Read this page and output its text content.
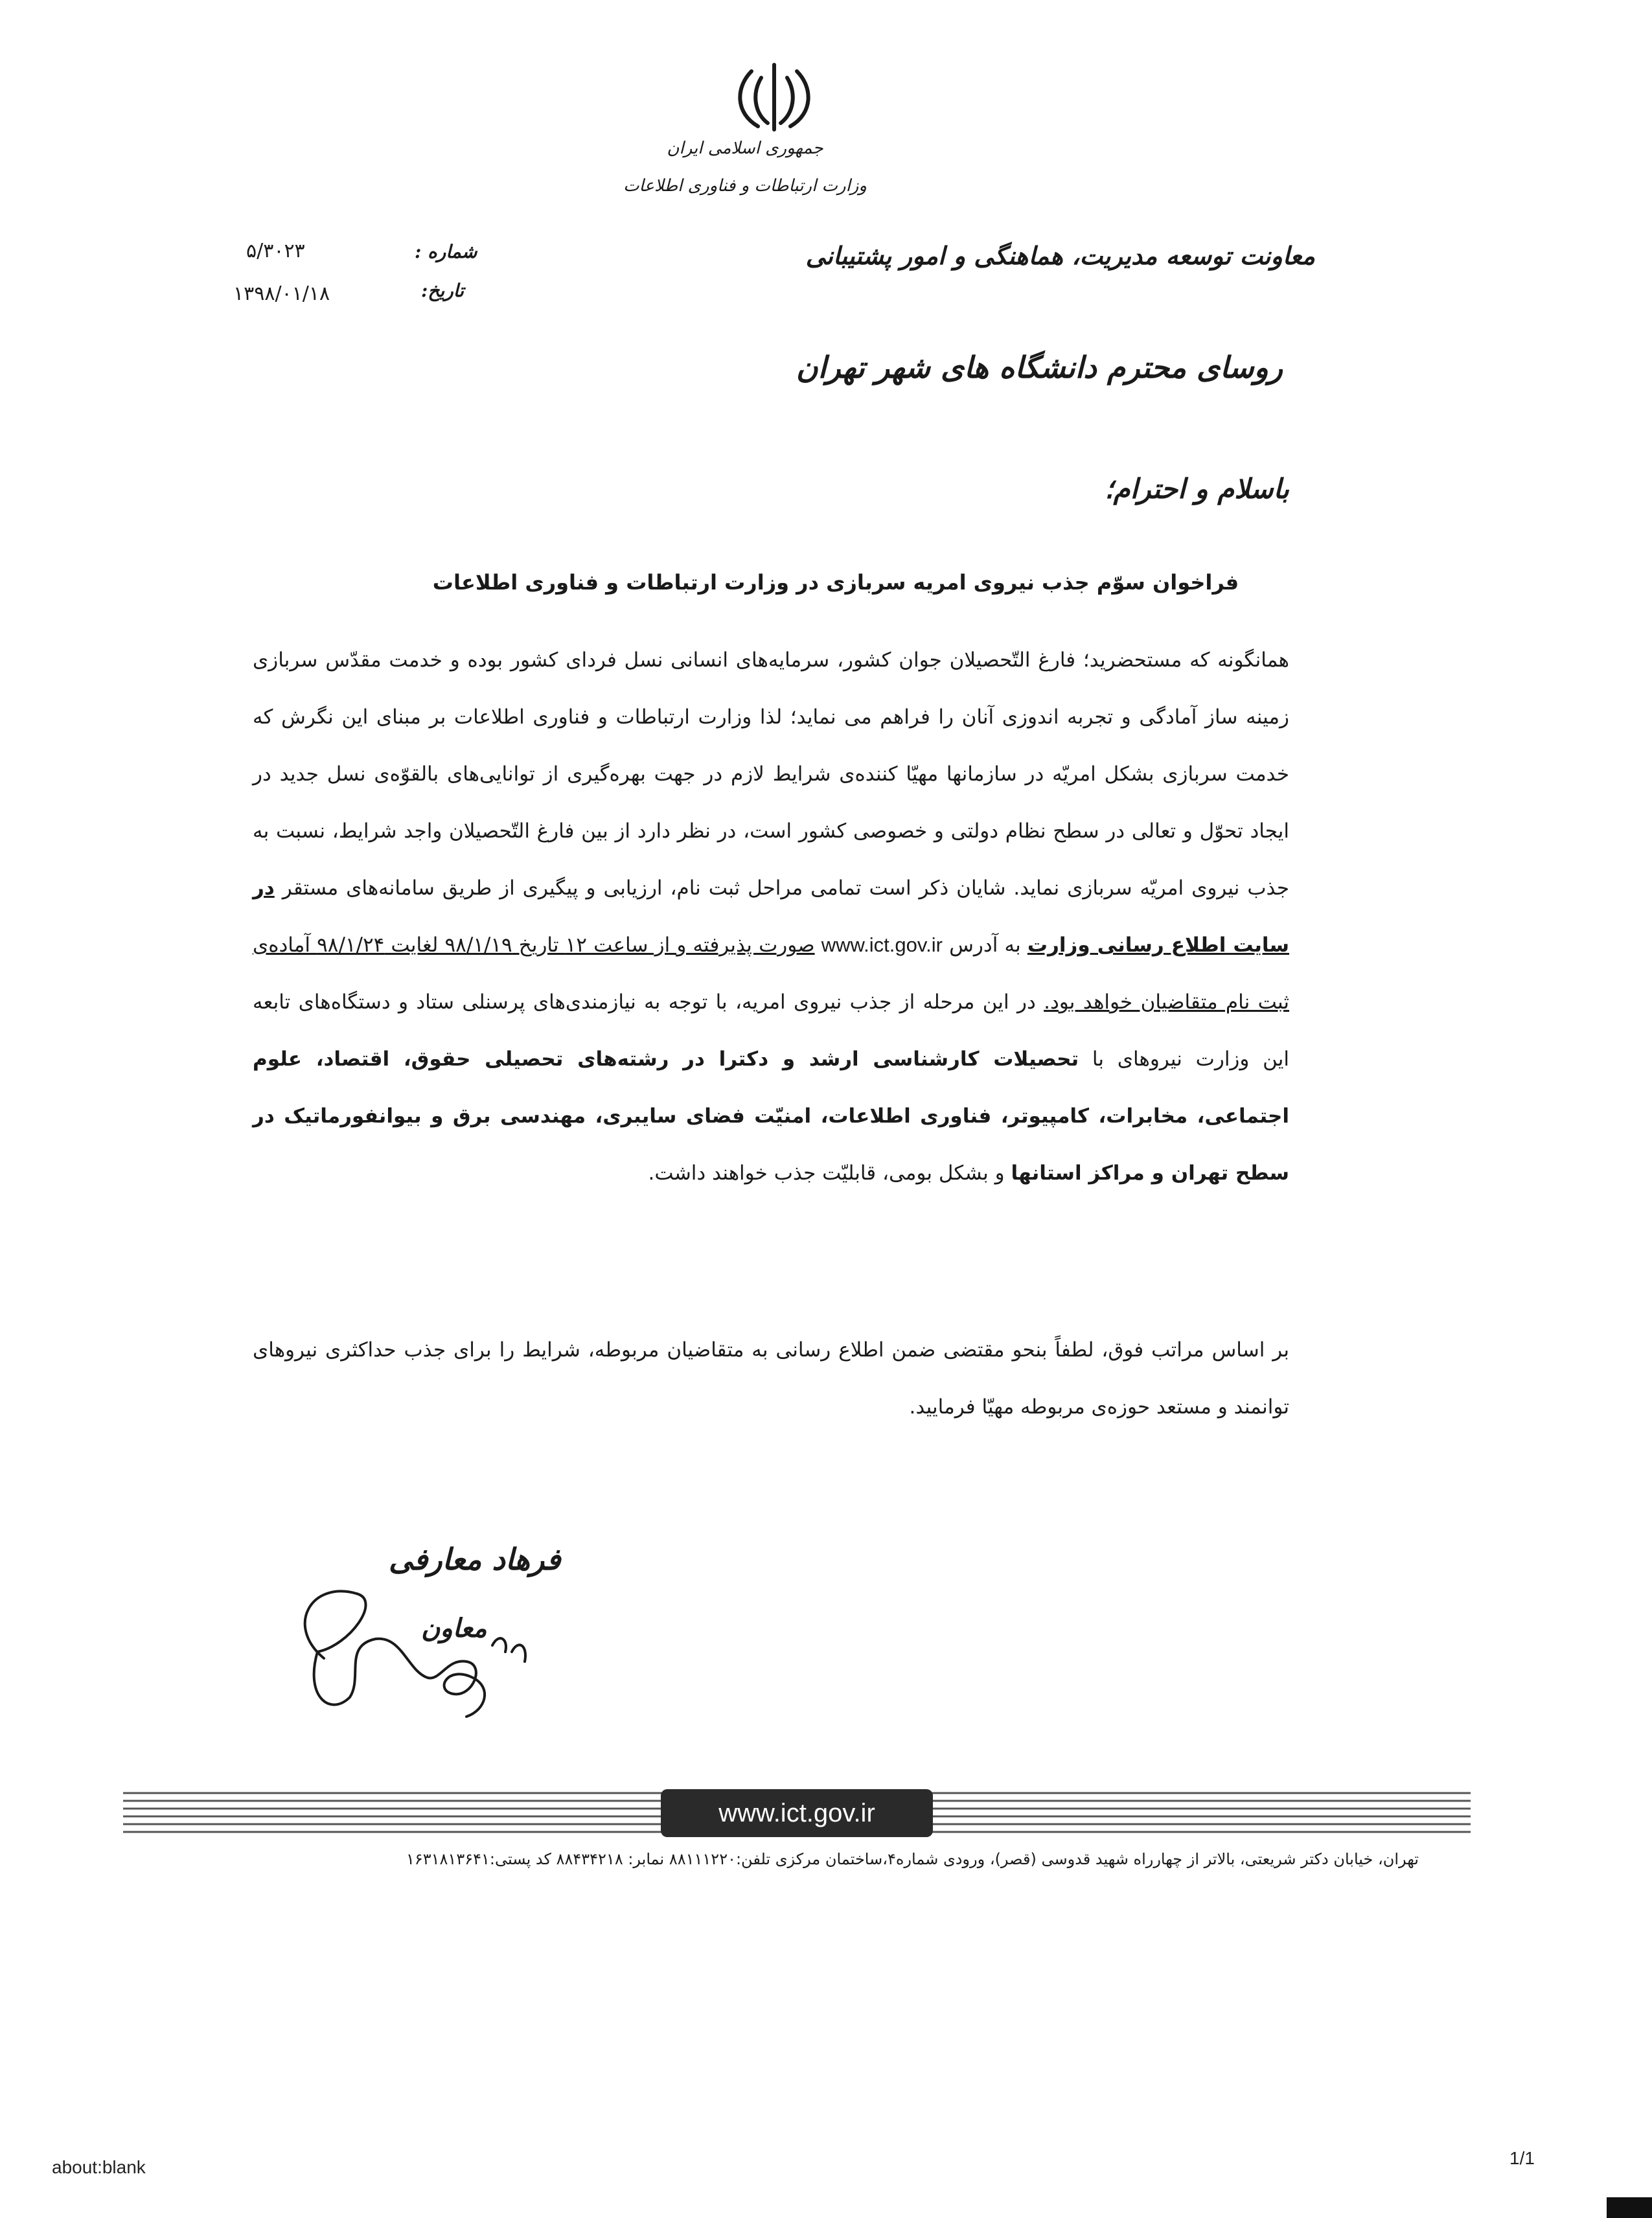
جمهوری اسلامی ایران
وزارت ارتباطات و فناوری اطلاعات
شماره :
۵/۳۰۲۳
تاریخ:
۱۳۹۸/۰۱/۱۸
معاونت توسعه مدیریت، هماهنگی و امور پشتیبانی
روسای محترم دانشگاه های شهر تهران
باسلام و احترام؛
فراخوان سوّم جذب نیروی امریه سربازی در وزارت ارتباطات و فناوری اطلاعات
همانگونه که مستحضرید؛ فارغ التّحصیلان جوان کشور، سرمایه‌های انسانی نسل فردای کشور بوده و خدمت مقدّس سربازی زمینه ساز آمادگی و تجربه اندوزی آنان را فراهم می نماید؛ لذا وزارت ارتباطات و فناوری اطلاعات بر مبنای این نگرش که خدمت سربازی بشکل امریّه در سازمانها مهیّا کننده‌ی شرایط لازم در جهت بهره‌گیری از توانایی‌های بالقوّه‌ی نسل جدید در ایجاد تحوّل و تعالی در سطح نظام دولتی و خصوصی کشور است، در نظر دارد از بین فارغ التّحصیلان واجد شرایط، نسبت به جذب نیروی امریّه سربازی نماید. شایان ذکر است تمامی مراحل ثبت نام، ارزیابی و پیگیری از طریق سامانه‌های مستقر در سایت اطلاع رسانی وزارت به آدرس www.ict.gov.ir صورت پذیرفته و از ساعت ۱۲ تاریخ ۹۸/۱/۱۹ لغایت ۹۸/۱/۲۴ آماده‌ی ثبت نام متقاضیان خواهد بود. در این مرحله از جذب نیروی امریه، با توجه به نیازمندی‌های پرسنلی ستاد و دستگاه‌های تابعه این وزارت نیروهای با تحصیلات کارشناسی ارشد و دکترا در رشته‌های تحصیلی حقوق، اقتصاد، علوم اجتماعی، مخابرات، کامپیوتر، فناوری اطلاعات، امنیّت فضای سایبری، مهندسی برق و بیوانفورماتیک در سطح تهران و مراکز استانها و بشکل بومی، قابلیّت جذب خواهند داشت.
بر اساس مراتب فوق، لطفاً بنحو مقتضی ضمن اطلاع رسانی به متقاضیان مربوطه، شرایط را برای جذب حداکثری نیروهای توانمند و مستعد حوزه‌ی مربوطه مهیّا فرمایید.
فرهاد معارفی
معاون
www.ict.gov.ir
تهران، خیابان دکتر شریعتی، بالاتر از چهارراه شهید قدوسی (قصر)، ورودی شماره۴،ساختمان مرکزی تلفن:۸۸۱۱۱۲۲۰ نمابر: ۸۸۴۳۴۲۱۸ کد پستی:۱۶۳۱۸۱۳۶۴۱
about:blank	1/1
